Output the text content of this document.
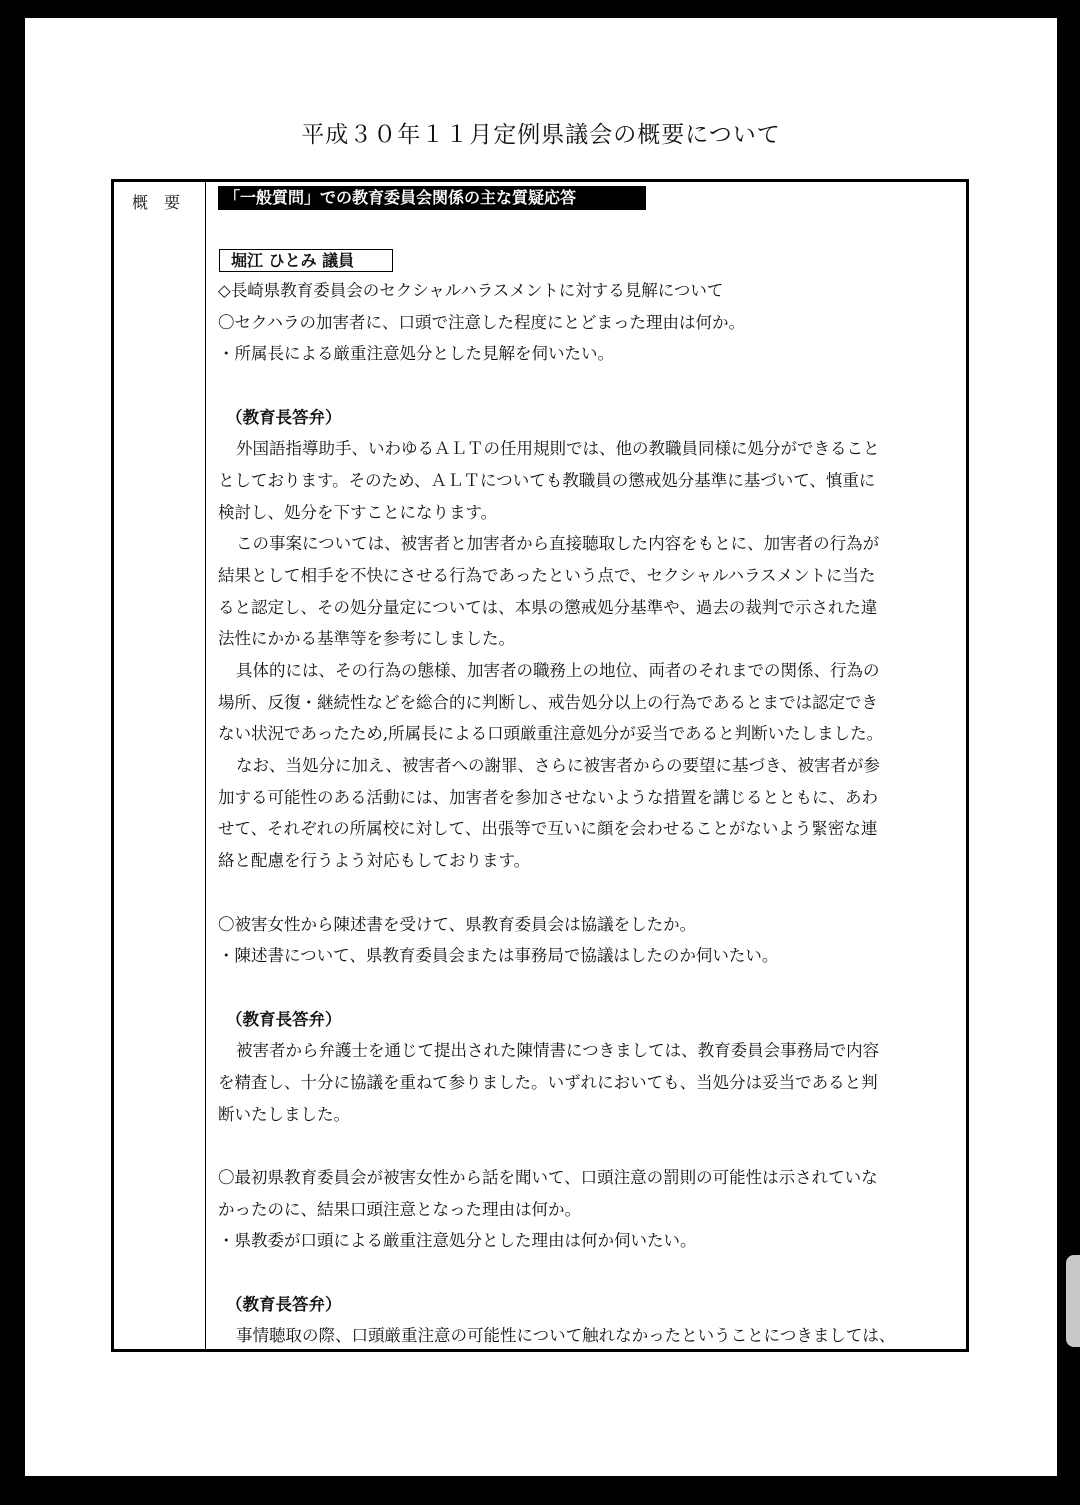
平成３０年１１月定例県議会の概要について
概要	「一般質問」での教育委員会関係の主な質疑応答
堀江 ひとみ 議員
◇長崎県教育委員会のセクシャルハラスメントに対する見解について
〇セクハラの加害者に、口頭で注意した程度にとどまった理由は何か。
・所属長による厳重注意処分とした見解を伺いたい。
（教育長答弁）
外国語指導助手、いわゆるＡＬＴの任用規則では、他の教職員同様に処分ができること
としております。そのため、ＡＬＴについても教職員の懲戒処分基準に基づいて、慎重に
検討し、処分を下すことになります。
この事案については、被害者と加害者から直接聴取した内容をもとに、加害者の行為が
結果として相手を不快にさせる行為であったという点で、セクシャルハラスメントに当た
ると認定し、その処分量定については、本県の懲戒処分基準や、過去の裁判で示された違
法性にかかる基準等を参考にしました。
具体的には、その行為の態様、加害者の職務上の地位、両者のそれまでの関係、行為の
場所、反復・継続性などを総合的に判断し、戒告処分以上の行為であるとまでは認定でき
ない状況であったため,所属長による口頭厳重注意処分が妥当であると判断いたしました。
なお、当処分に加え、被害者への謝罪、さらに被害者からの要望に基づき、被害者が参
加する可能性のある活動には、加害者を参加させないような措置を講じるとともに、あわ
せて、それぞれの所属校に対して、出張等で互いに顔を会わせることがないよう緊密な連
絡と配慮を行うよう対応もしております。
〇被害女性から陳述書を受けて、県教育委員会は協議をしたか。
・陳述書について、県教育委員会または事務局で協議はしたのか伺いたい。
（教育長答弁）
被害者から弁護士を通じて提出された陳情書につきましては、教育委員会事務局で内容
を精査し、十分に協議を重ねて参りました。いずれにおいても、当処分は妥当であると判
断いたしました。
〇最初県教育委員会が被害女性から話を聞いて、口頭注意の罰則の可能性は示されていな
かったのに、結果口頭注意となった理由は何か。
・県教委が口頭による厳重注意処分とした理由は何か伺いたい。
（教育長答弁）
事情聴取の際、口頭厳重注意の可能性について触れなかったということにつきましては、
